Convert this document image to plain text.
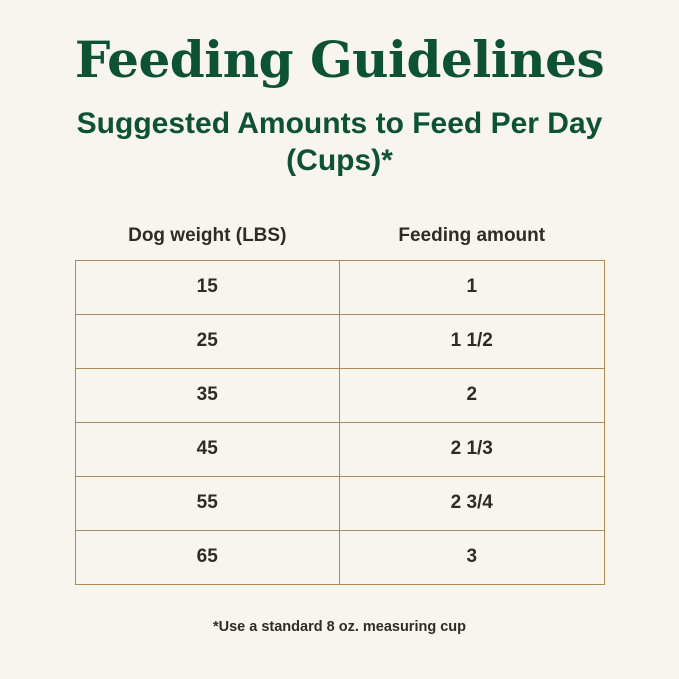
Feeding Guidelines
Suggested Amounts to Feed Per Day (Cups)*
Dog weight (LBS)	Feeding amount
15	1
25	1 1/2
35	2
45	2 1/3
55	2 3/4
65	3
*Use a standard 8 oz. measuring cup
